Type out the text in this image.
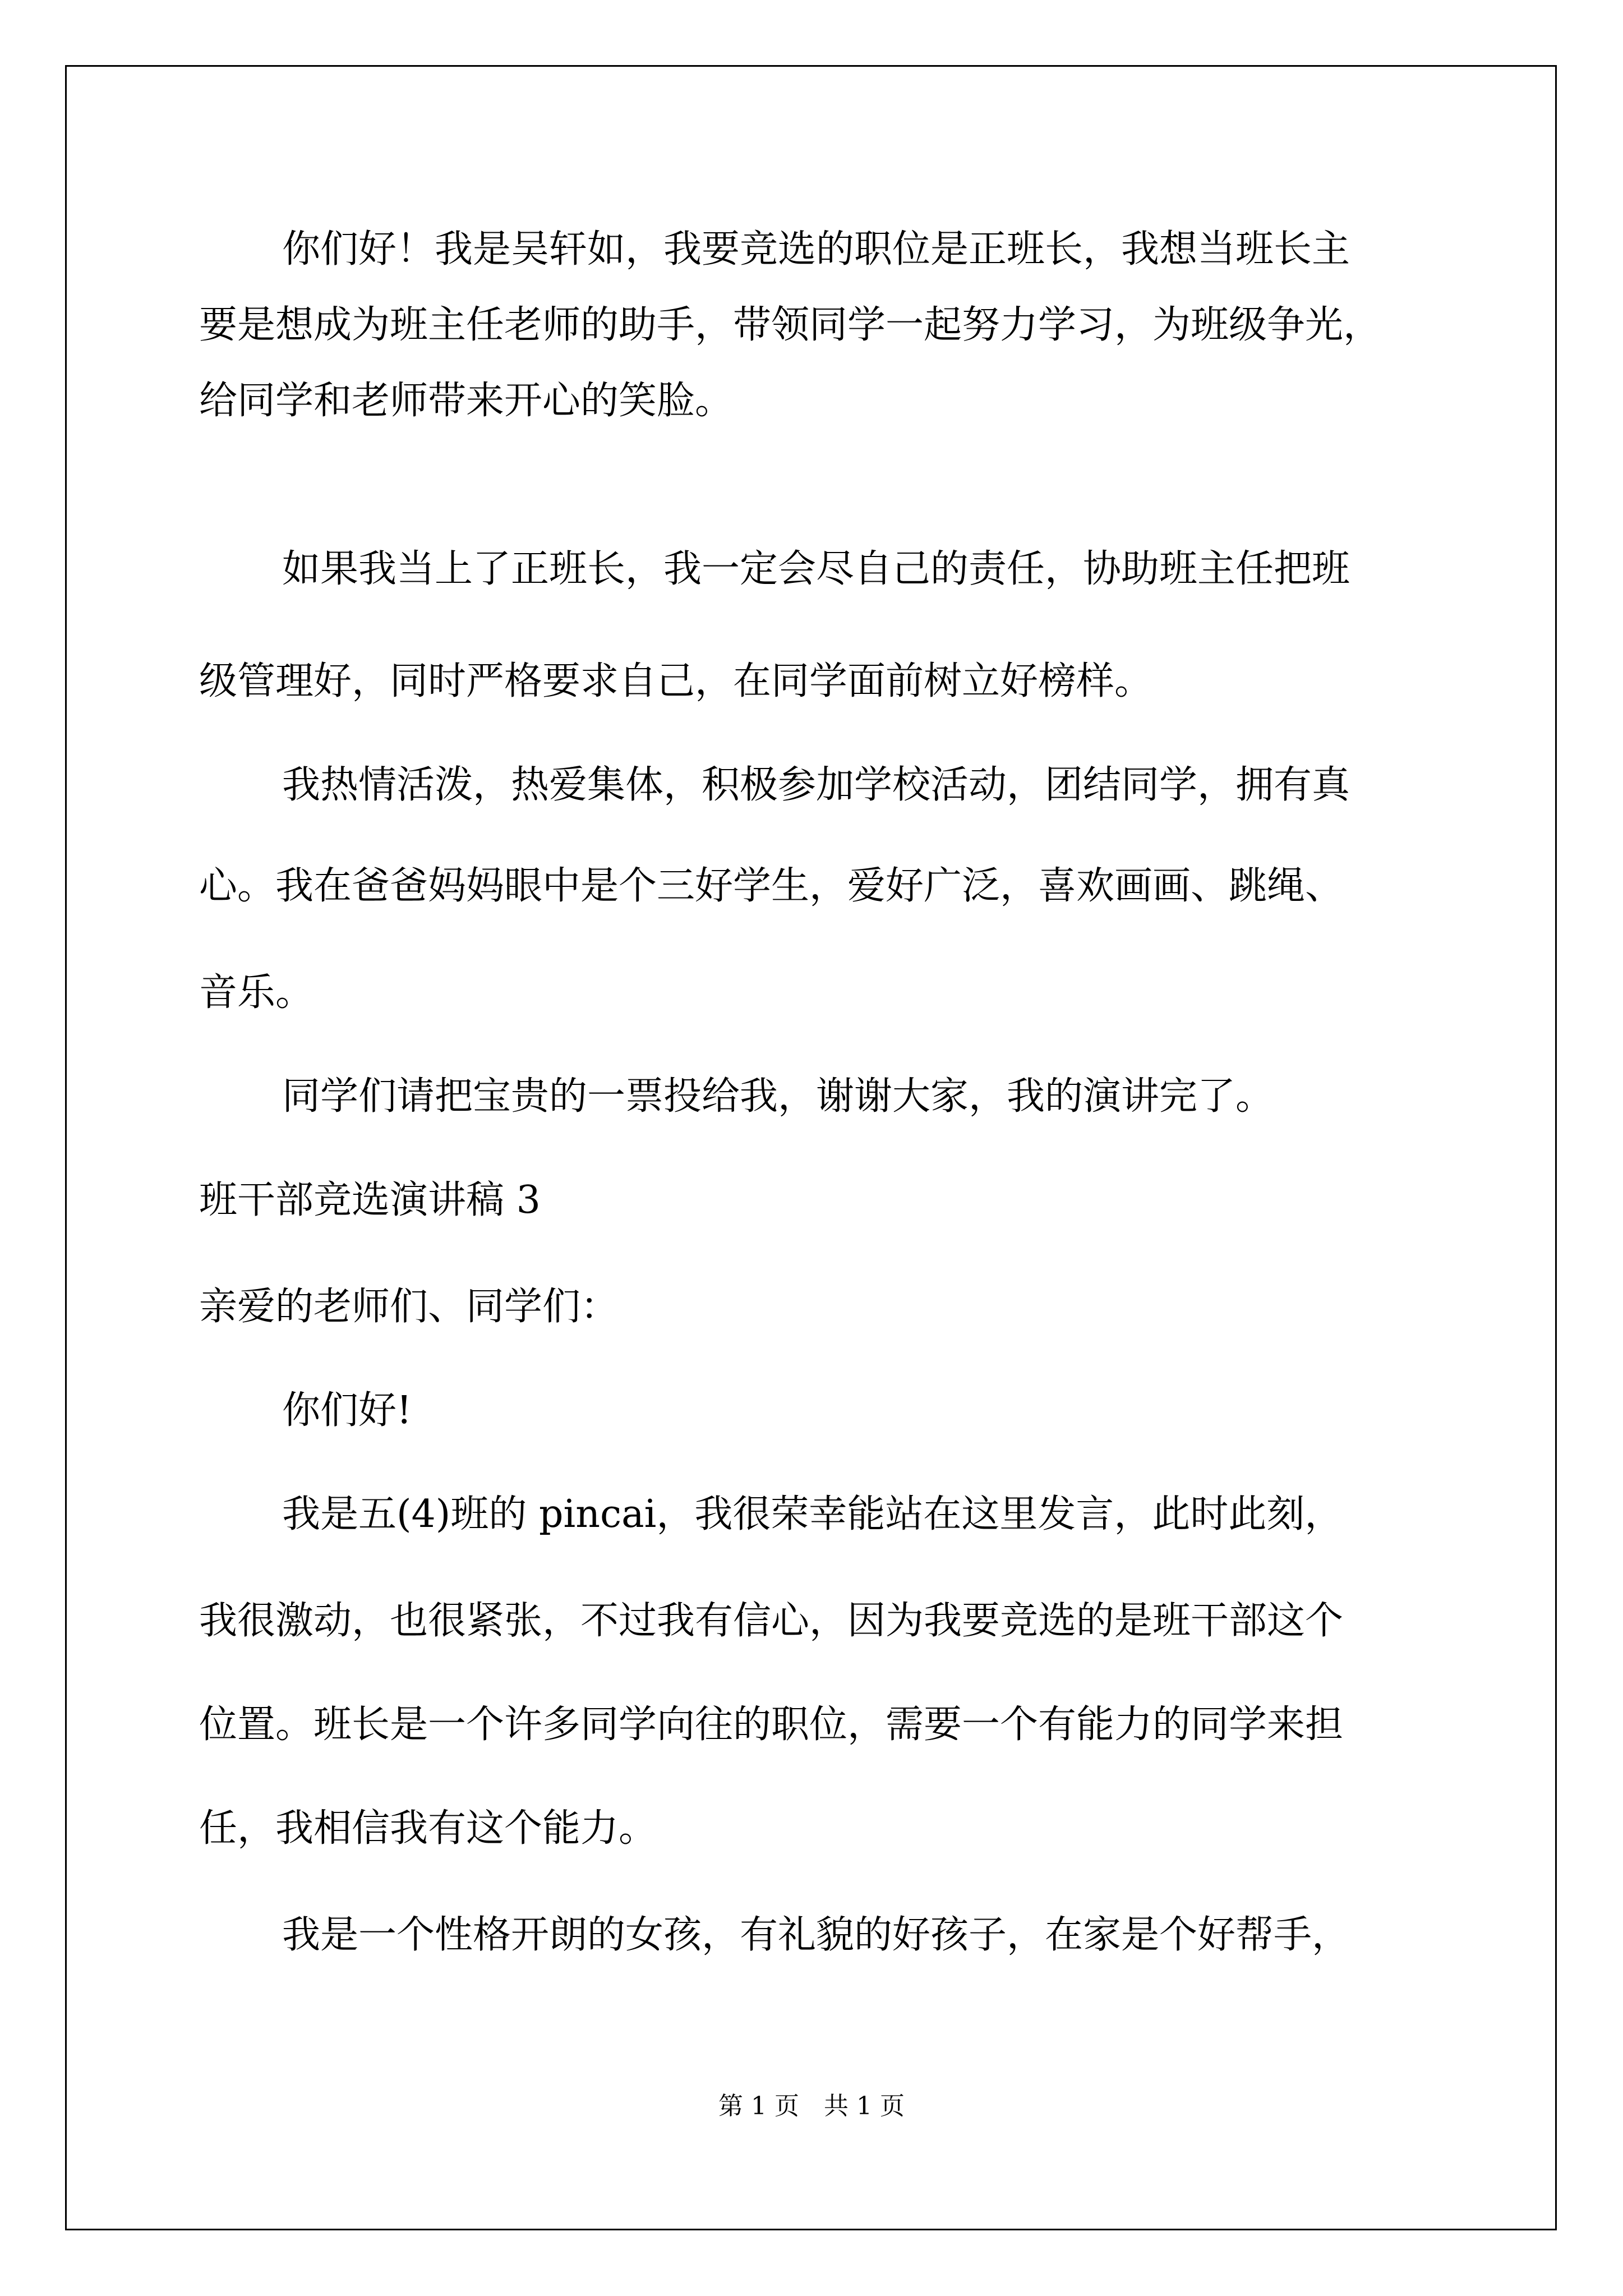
你们好！我是吴轩如，我要竞选的职位是正班长，我想当班长主
要是想成为班主任老师的助手，带领同学一起努力学习，为班级争光，
给同学和老师带来开心的笑脸。
如果我当上了正班长，我一定会尽自己的责任，协助班主任把班
级管理好，同时严格要求自己，在同学面前树立好榜样。
我热情活泼，热爱集体，积极参加学校活动，团结同学，拥有真
心。我在爸爸妈妈眼中是个三好学生，爱好广泛，喜欢画画、跳绳、
音乐。
同学们请把宝贵的一票投给我，谢谢大家，我的演讲完了。
班干部竞选演讲稿 3
亲爱的老师们、同学们：
你们好!
我是五(4)班的 pincai，我很荣幸能站在这里发言，此时此刻，
我很激动，也很紧张，不过我有信心，因为我要竞选的是班干部这个
位置。班长是一个许多同学向往的职位，需要一个有能力的同学来担
任，我相信我有这个能力。
我是一个性格开朗的女孩，有礼貌的好孩子，在家是个好帮手，
第 1 页　共 1 页
